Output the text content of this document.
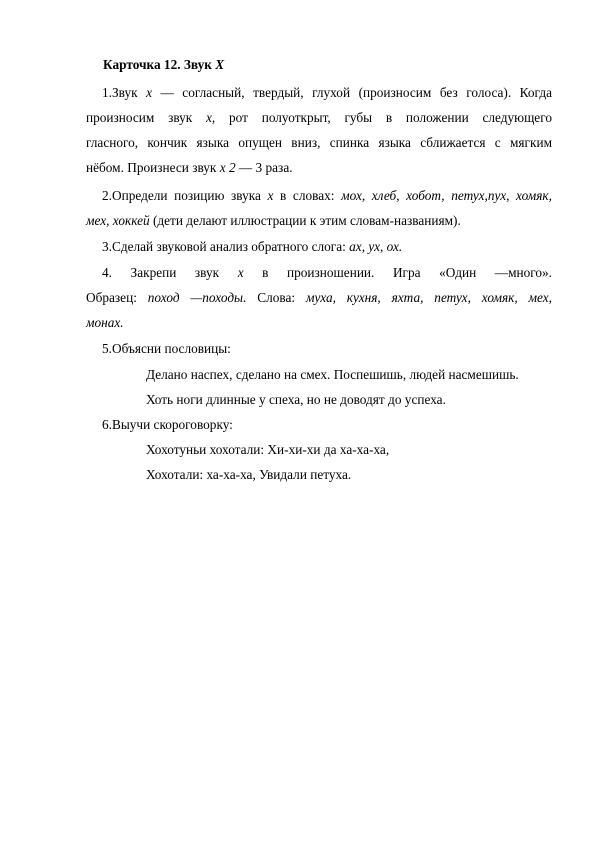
Карточка 12. Звук Х
1.Звук х — согласный, твердый, глухой (произносим без голоса). Когда
произносим звук х, рот полуоткрыт, губы в положении следующего
гласного, кончик языка опущен вниз, спинка языка сближается с мягким
нёбом. Произнеси звук х 2 — 3 раза.
2.Определи позицию звука х в словах: мох, хлеб, хобот, петух,пух, хомяк,
мех, хоккей (дети делают иллюстрации к этим словам-названиям).
3.Сделай звуковой анализ обратного слога: ах, ух, ох.
4. Закрепи звук х в произношении. Игра «Один —много».
Образец: поход —походы. Слова: муха, кухня, яхта, петух, хомяк, мех,
монах.
5.Объясни пословицы:
Делано наспех, сделано на смех. Поспешишь, людей насмешишь.
Хоть ноги длинные у спеха, но не доводят до успеха.
6.Выучи скороговорку:
Хохотуньи хохотали: Хи-хи-хи да ха-ха-ха,
Хохотали: ха-ха-ха, Увидали петуха.
